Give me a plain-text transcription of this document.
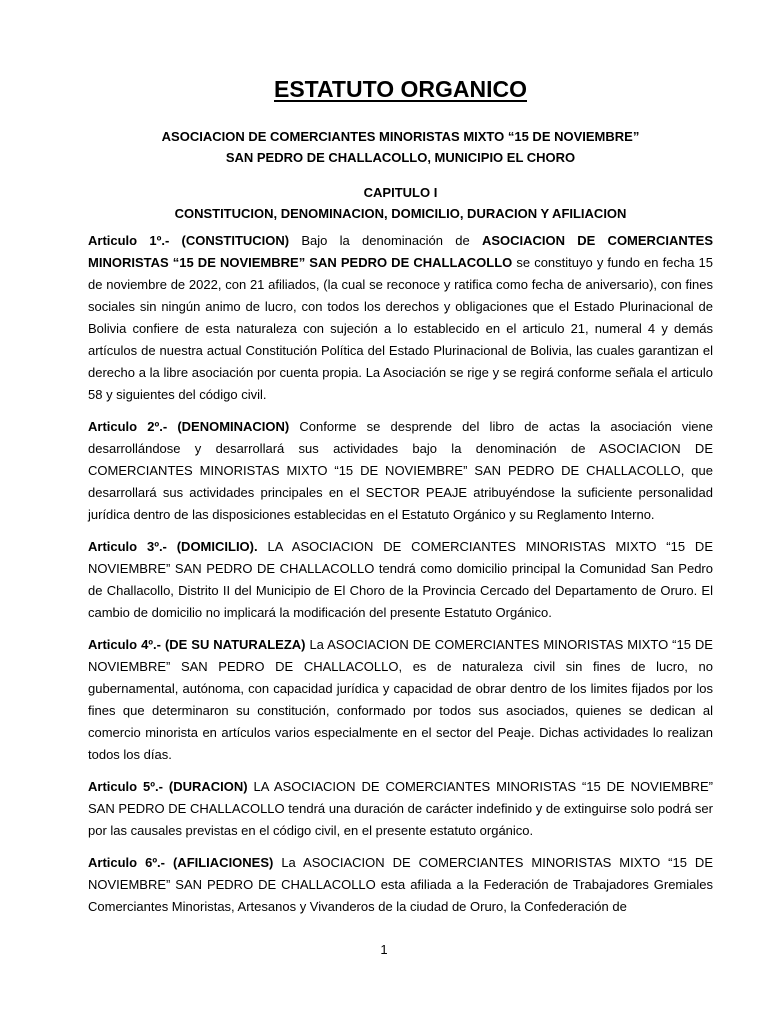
ESTATUTO ORGANICO

ASOCIACION DE COMERCIANTES MINORISTAS MIXTO “15 DE NOVIEMBRE”

SAN PEDRO DE CHALLACOLLO, MUNICIPIO EL CHORO

CAPITULO I

CONSTITUCION, DENOMINACION, DOMICILIO, DURACION Y AFILIACION

Articulo 1º.- (CONSTITUCION) Bajo la denominación de ASOCIACION DE COMERCIANTES MINORISTAS “15 DE NOVIEMBRE” SAN PEDRO DE CHALLACOLLO se constituyo y fundo en fecha 15 de noviembre de 2022, con 21 afiliados, (la cual se reconoce y ratifica como fecha de aniversario), con fines sociales sin ningún animo de lucro, con todos los derechos y obligaciones que el Estado Plurinacional de Bolivia confiere de esta naturaleza con sujeción a lo establecido en el articulo 21, numeral 4 y demás artículos de nuestra actual Constitución Política del Estado Plurinacional de Bolivia, las cuales garantizan el derecho a la libre asociación por cuenta propia. La Asociación se rige y se regirá conforme señala el articulo 58 y siguientes del código civil.

Articulo 2º.- (DENOMINACION) Conforme se desprende del libro de actas la asociación viene desarrollándose y desarrollará sus actividades bajo la denominación de ASOCIACION DE COMERCIANTES MINORISTAS MIXTO “15 DE NOVIEMBRE” SAN PEDRO DE CHALLACOLLO, que desarrollará sus actividades principales en el SECTOR PEAJE atribuyéndose la suficiente personalidad jurídica dentro de las disposiciones establecidas en el Estatuto Orgánico y su Reglamento Interno.

Articulo 3º.- (DOMICILIO). LA ASOCIACION DE COMERCIANTES MINORISTAS MIXTO “15 DE NOVIEMBRE” SAN PEDRO DE CHALLACOLLO tendrá como domicilio principal la Comunidad San Pedro de Challacollo, Distrito II del Municipio de El Choro de la Provincia Cercado del Departamento de Oruro. El cambio de domicilio no implicará la modificación del presente Estatuto Orgánico.

Articulo 4º.- (DE SU NATURALEZA) La ASOCIACION DE COMERCIANTES MINORISTAS MIXTO “15 DE NOVIEMBRE” SAN PEDRO DE CHALLACOLLO, es de naturaleza civil sin fines de lucro, no gubernamental, autónoma, con capacidad jurídica y capacidad de obrar dentro de los limites fijados por los fines que determinaron su constitución, conformado por todos sus asociados, quienes se dedican al comercio minorista en artículos varios especialmente en el sector del Peaje. Dichas actividades lo realizan todos los días.

Articulo 5º.- (DURACION) LA ASOCIACION DE COMERCIANTES MINORISTAS “15 DE NOVIEMBRE” SAN PEDRO DE CHALLACOLLO tendrá una duración de carácter indefinido y de extinguirse solo podrá ser por las causales previstas en el código civil, en el presente estatuto orgánico.

Articulo 6º.- (AFILIACIONES) La ASOCIACION DE COMERCIANTES MINORISTAS MIXTO “15 DE NOVIEMBRE” SAN PEDRO DE CHALLACOLLO esta afiliada a la Federación de Trabajadores Gremiales Comerciantes Minoristas, Artesanos y Vivanderos de la ciudad de Oruro, la Confederación de

1
